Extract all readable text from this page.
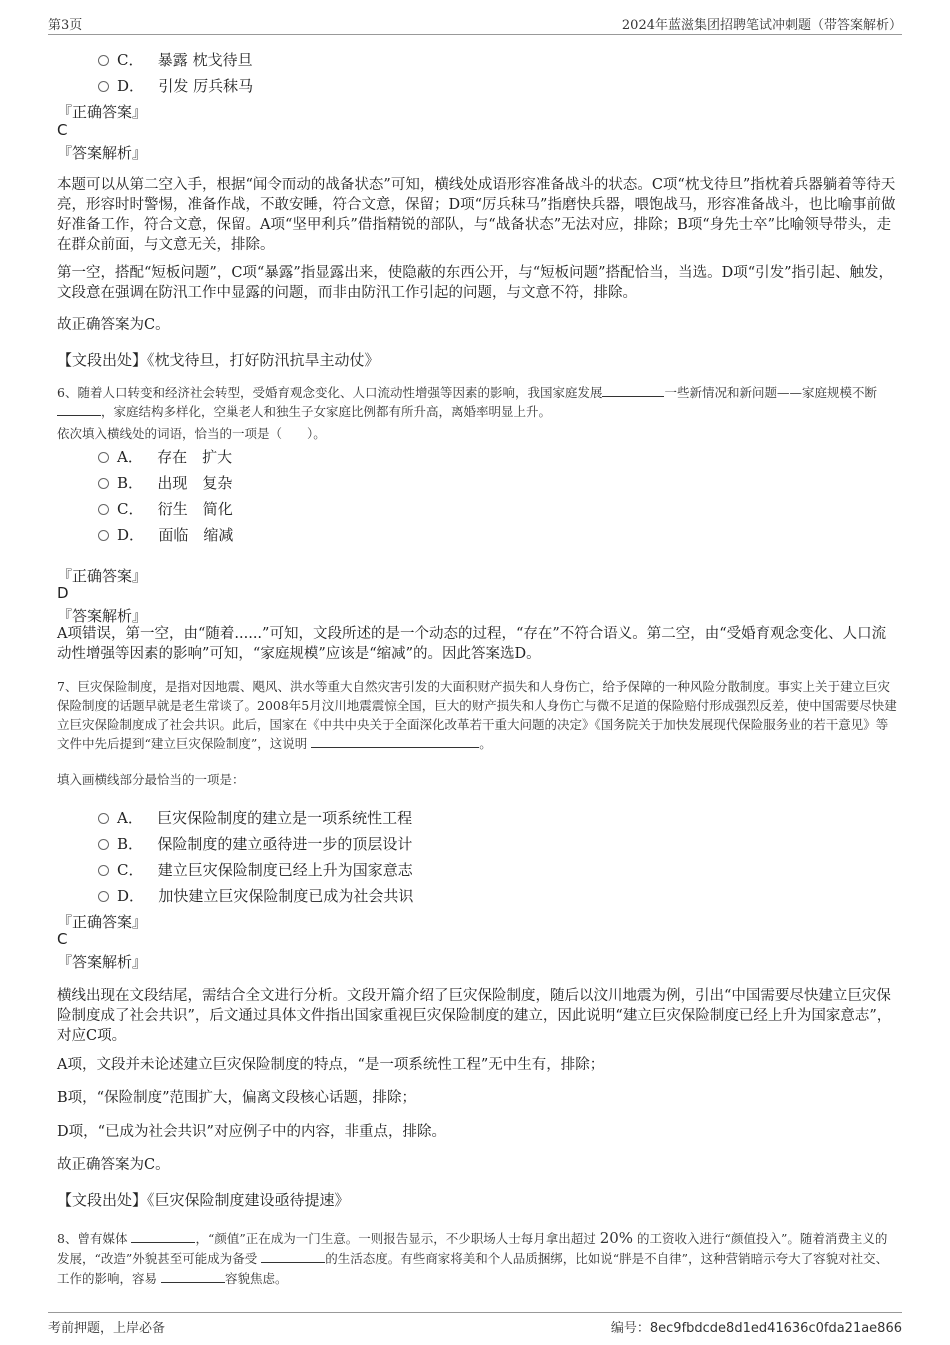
第3页	2024年蓝滋集团招聘笔试冲刺题（带答案解析）
C． 暴露 枕戈待旦
D． 引发 厉兵秣马
『正确答案』
C
『答案解析』
本题可以从第二空入手，根据“闻令而动的战备状态”可知，横线处成语形容准备战斗的状态。C项“枕戈待旦”指枕着兵器躺着等待天亮，形容时时警惕，准备作战，不敢安睡，符合文意，保留；D项“厉兵秣马”指磨快兵器，喂饱战马，形容准备战斗，也比喻事前做好准备工作，符合文意，保留。A项“坚甲利兵”借指精锐的部队，与“战备状态”无法对应，排除；B项“身先士卒”比喻领导带头，走在群众前面，与文意无关，排除。
第一空，搭配“短板问题”，C项“暴露”指显露出来，使隐蔽的东西公开，与“短板问题”搭配恰当，当选。D项“引发”指引起、触发，文段意在强调在防汛工作中显露的问题，而非由防汛工作引起的问题，与文意不符，排除。
故正确答案为C。
【文段出处】《枕戈待旦，打好防汛抗旱主动仗》
6、随着人口转变和经济社会转型，受婚育观念变化、人口流动性增强等因素的影响，我国家庭发展	一些新情况和新问题——家庭规模不断，家庭结构多样化，空巢老人和独生子女家庭比例都有所升高，离婚率明显上升。
依次填入横线处的词语，恰当的一项是（　　）。
A． 存在　扩大
B． 出现　复杂
C． 衍生　简化
D． 面临　缩减
『正确答案』
D
『答案解析』
A项错误，第一空，由“随着......”可知，文段所述的是一个动态的过程，“存在”不符合语义。第二空，由“受婚育观念变化、人口流动性增强等因素的影响”可知，“家庭规模”应该是“缩减”的。因此答案选D。
7、巨灾保险制度，是指对因地震、飓风、洪水等重大自然灾害引发的大面积财产损失和人身伤亡，给予保障的一种风险分散制度。事实上关于建立巨灾保险制度的话题早就是老生常谈了。2008年5月汶川地震震惊全国，巨大的财产损失和人身伤亡与微不足道的保险赔付形成强烈反差，使中国需要尽快建立巨灾保险制度成了社会共识。此后，国家在《中共中央关于全面深化改革若干重大问题的决定》《国务院关于加快发展现代保险服务业的若干意见》等文件中先后提到“建立巨灾保险制度”，这说明	。
填入画横线部分最恰当的一项是：
A． 巨灾保险制度的建立是一项系统性工程
B． 保险制度的建立亟待进一步的顶层设计
C． 建立巨灾保险制度已经上升为国家意志
D． 加快建立巨灾保险制度已成为社会共识
『正确答案』
C
『答案解析』
横线出现在文段结尾，需结合全文进行分析。文段开篇介绍了巨灾保险制度，随后以汶川地震为例，引出“中国需要尽快建立巨灾保险制度成了社会共识”，后文通过具体文件指出国家重视巨灾保险制度的建立，因此说明“建立巨灾保险制度已经上升为国家意志”，对应C项。
A项，文段并未论述建立巨灾保险制度的特点，“是一项系统性工程”无中生有，排除；
B项，“保险制度”范围扩大，偏离文段核心话题，排除；
D项，“已成为社会共识”对应例子中的内容，非重点，排除。
故正确答案为C。
【文段出处】《巨灾保险制度建设亟待提速》
8、曾有媒体	，“颜值”正在成为一门生意。一则报告显示，不少职场人士每月拿出超过 20% 的工资收入进行“颜值投入”。随着消费主义的发展，“改造”外貌甚至可能成为备受	的生活态度。有些商家将美和个人品质捆绑，比如说“胖是不自律”，这种营销暗示夸大了容貌对社交、工作的影响，容易	容貌焦虑。
考前押题，上岸必备	编号：8ec9fbdcde8d1ed41636c0fda21ae866
